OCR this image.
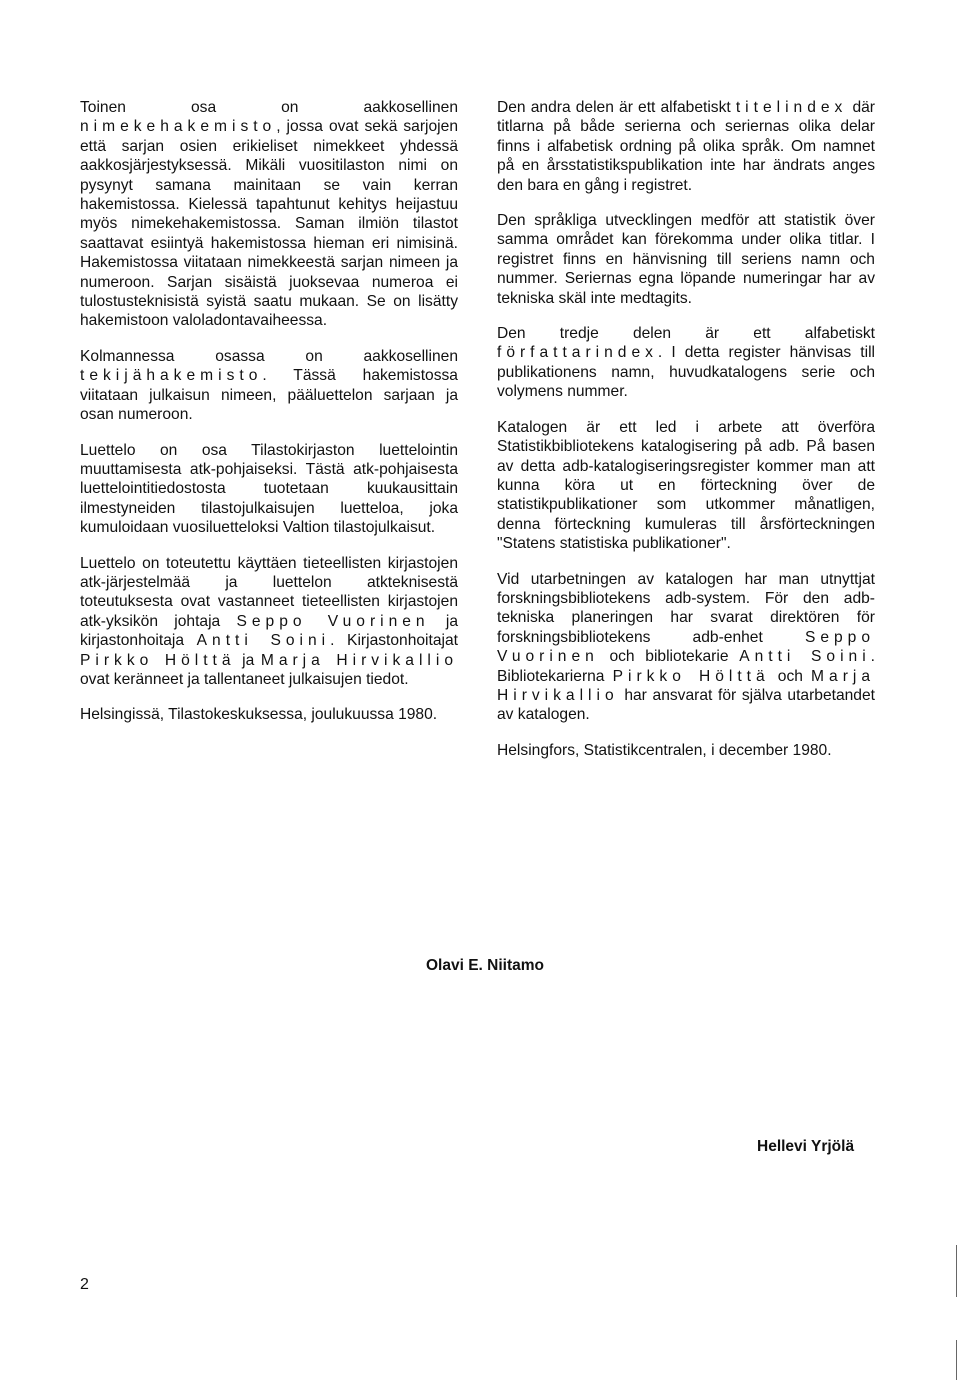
Toinen osa on aakkosellinen nimekehakemisto, jossa ovat sekä sarjojen että sarjan osien erikieliset nimekkeet yhdessä aakkosjärjestyksessä. Mikäli vuositilaston nimi on pysynyt samana mainitaan se vain kerran hakemistossa. Kielessä tapahtunut kehitys heijastuu myös nimekehakemistossa. Saman ilmiön tilastot saattavat esiintyä hakemistossa hieman eri nimisinä. Hakemistossa viitataan nimekkeestä sarjan nimeen ja numeroon. Sarjan sisäistä juoksevaa numeroa ei tulostusteknisistä syistä saatu mukaan. Se on lisätty hakemistoon valoladontavaiheessa.

Kolmannessa osassa on aakkosellinen tekijähakemisto. Tässä hakemistossa viitataan julkaisun nimeen, pääluettelon sarjaan ja osan numeroon.

Luettelo on osa Tilastokirjaston luettelointin muuttamisesta atk-pohjaiseksi. Tästä atk-pohjaisesta luettelointitiedostosta tuotetaan kuukausittain ilmestyneiden tilastojulkaisujen luetteloa, joka kumuloidaan vuosiluetteloksi Valtion tilastojulkaisut.

Luettelo on toteutettu käyttäen tieteellisten kirjastojen atk-järjestelmää ja luettelon atkteknisestä toteutuksesta ovat vastanneet tieteellisten kirjastojen atk-yksikön johtaja Seppo Vuorinen ja kirjastonhoitaja Antti Soini. Kirjastonhoitajat Pirkko Hölttä ja Marja Hirvikallio ovat keränneet ja tallentaneet julkaisujen tiedot.

Helsingissä, Tilastokeskuksessa, joulukuussa 1980.

Den andra delen är ett alfabetiskt titelindex där titlarna på både serierna och seriernas olika delar finns i alfabetisk ordning på olika språk. Om namnet på en årsstatistikspublikation inte har ändrats anges den bara en gång i registret.

Den språkliga utvecklingen medför att statistik över samma området kan förekomma under olika titlar. I registret finns en hänvisning till seriens namn och nummer. Seriernas egna löpande numeringar har av tekniska skäl inte medtagits.

Den tredje delen är ett alfabetiskt författarindex. I detta register hänvisas till publikationens namn, huvudkatalogens serie och volymens nummer.

Katalogen är ett led i arbete att överföra Statistikbibliotekens katalogisering på adb. På basen av detta adb-katalogiseringsregister kommer man att kunna köra ut en förteckning över de statistikpublikationer som utkommer månatligen, denna förteckning kumuleras till årsförteckningen "Statens statistiska publikationer".

Vid utarbetningen av katalogen har man utnyttjat forskningsbibliotekens adb-system. För den adb-tekniska planeringen har svarat direktören för forskningsbibliotekens adb-enhet Seppo Vuorinen och bibliotekarie Antti Soini. Bibliotekarierna Pirkko Hölttä och Marja Hirvikallio har ansvarat för själva utarbetandet av katalogen.

Helsingfors, Statistikcentralen, i december 1980.

Olavi E. Niitamo
Hellevi Yrjölä
2
